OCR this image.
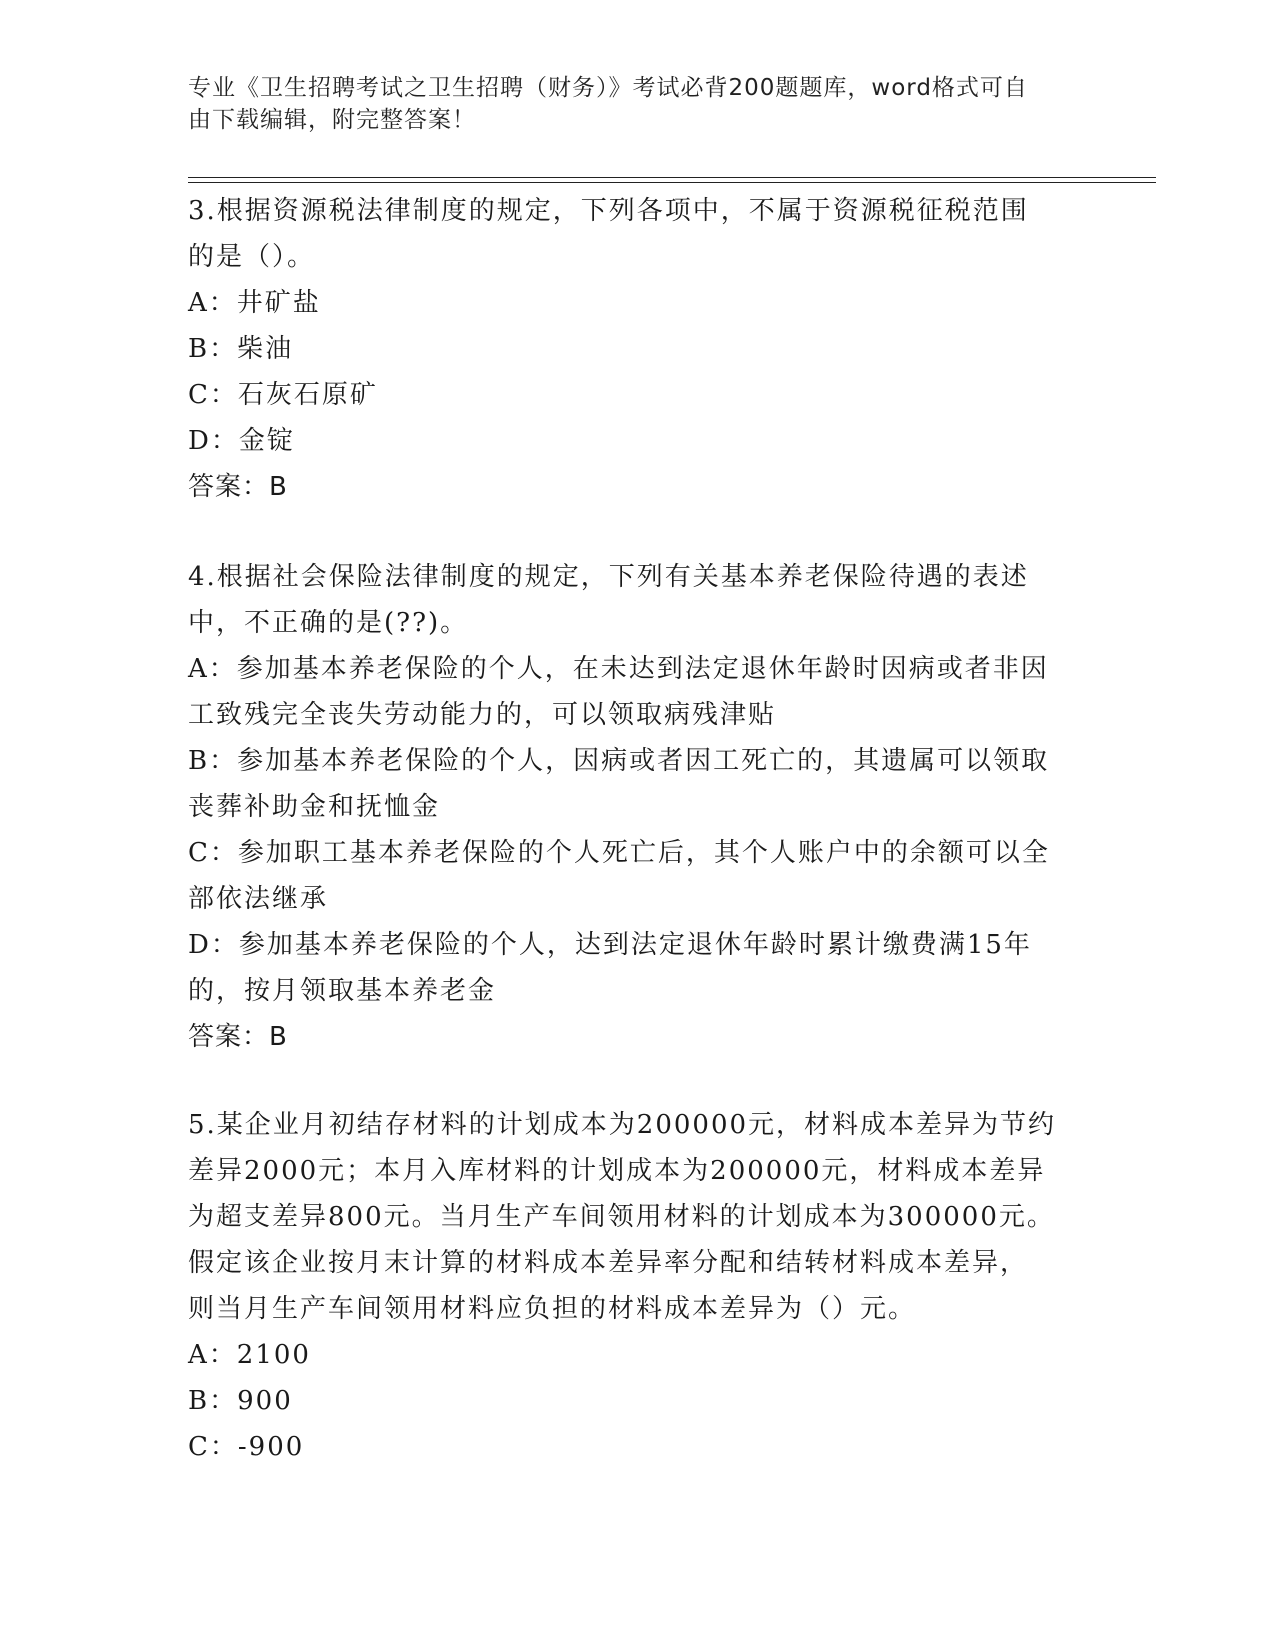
专业《卫生招聘考试之卫生招聘（财务）》考试必背200题题库，word格式可自
由下载编辑，附完整答案！
3.根据资源税法律制度的规定，下列各项中，不属于资源税征税范围
的是（）。
A：井矿盐
B：柴油
C：石灰石原矿
D：金锭
答案：B
4.根据社会保险法律制度的规定，下列有关基本养老保险待遇的表述
中，不正确的是(??)。
A：参加基本养老保险的个人，在未达到法定退休年龄时因病或者非因
工致残完全丧失劳动能力的，可以领取病残津贴
B：参加基本养老保险的个人，因病或者因工死亡的，其遗属可以领取
丧葬补助金和抚恤金
C：参加职工基本养老保险的个人死亡后，其个人账户中的余额可以全
部依法继承
D：参加基本养老保险的个人，达到法定退休年龄时累计缴费满15年
的，按月领取基本养老金
答案：B
5.某企业月初结存材料的计划成本为200000元，材料成本差异为节约
差异2000元；本月入库材料的计划成本为200000元，材料成本差异
为超支差异800元。当月生产车间领用材料的计划成本为300000元。
假定该企业按月末计算的材料成本差异率分配和结转材料成本差异，
则当月生产车间领用材料应负担的材料成本差异为（）元。
A：2100
B：900
C：-900
